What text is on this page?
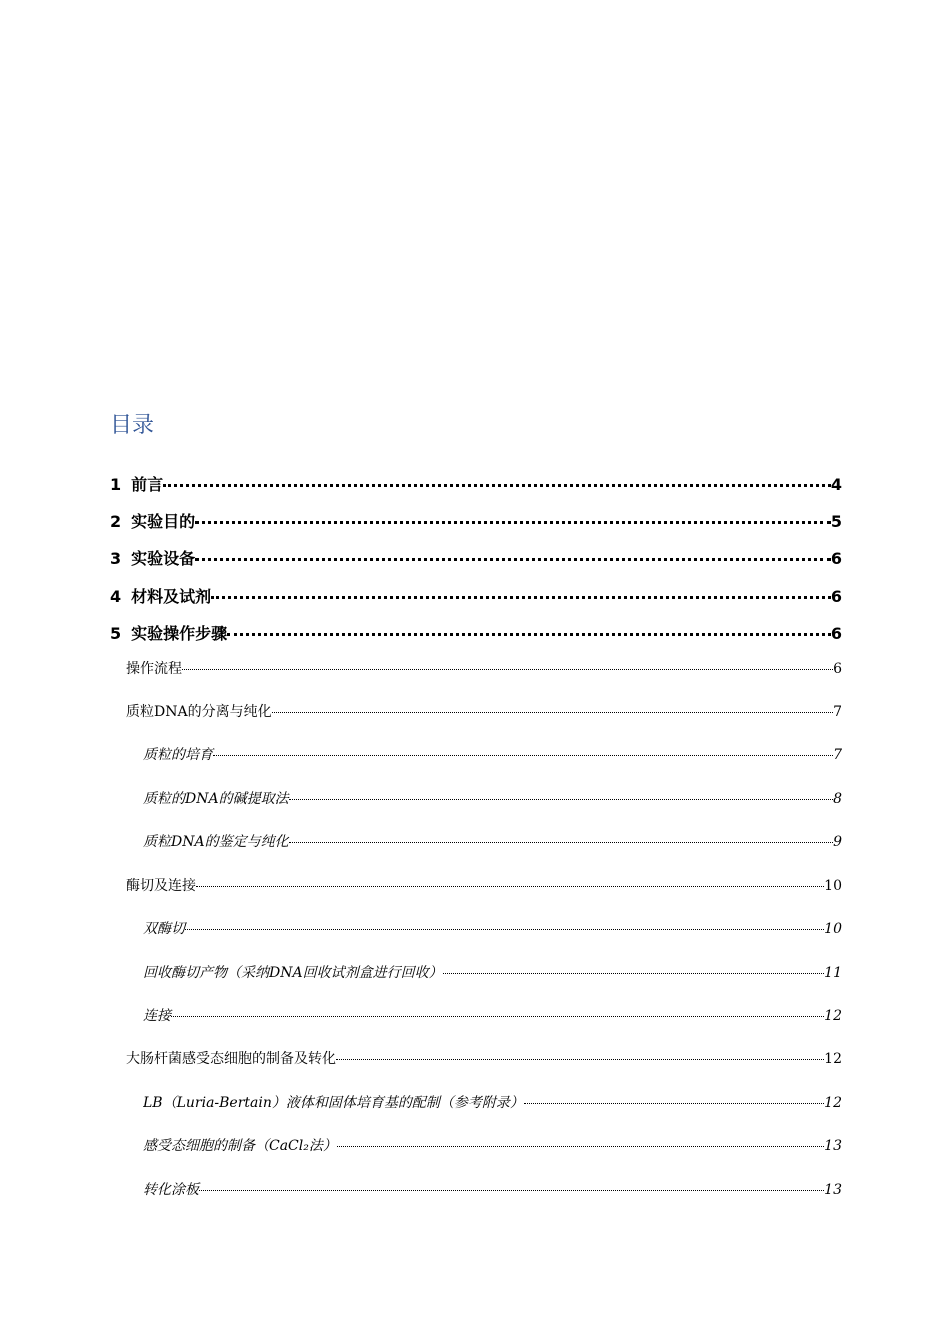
目录
1 前言	4
2 实验目的	5
3 实验设备	6
4 材料及试剂	6
5 实验操作步骤	6
操作流程	6
质粒DNA的分离与纯化	7
质粒的培育	7
质粒的DNA的碱提取法	8
质粒DNA的鉴定与纯化	9
酶切及连接	10
双酶切	10
回收酶切产物（采纳DNA回收试剂盒进行回收）	11
连接	12
大肠杆菌感受态细胞的制备及转化	12
LB（Luria-Bertain）液体和固体培育基的配制（参考附录）	12
感受态细胞的制备（CaCl₂法）	13
转化涂板	13
